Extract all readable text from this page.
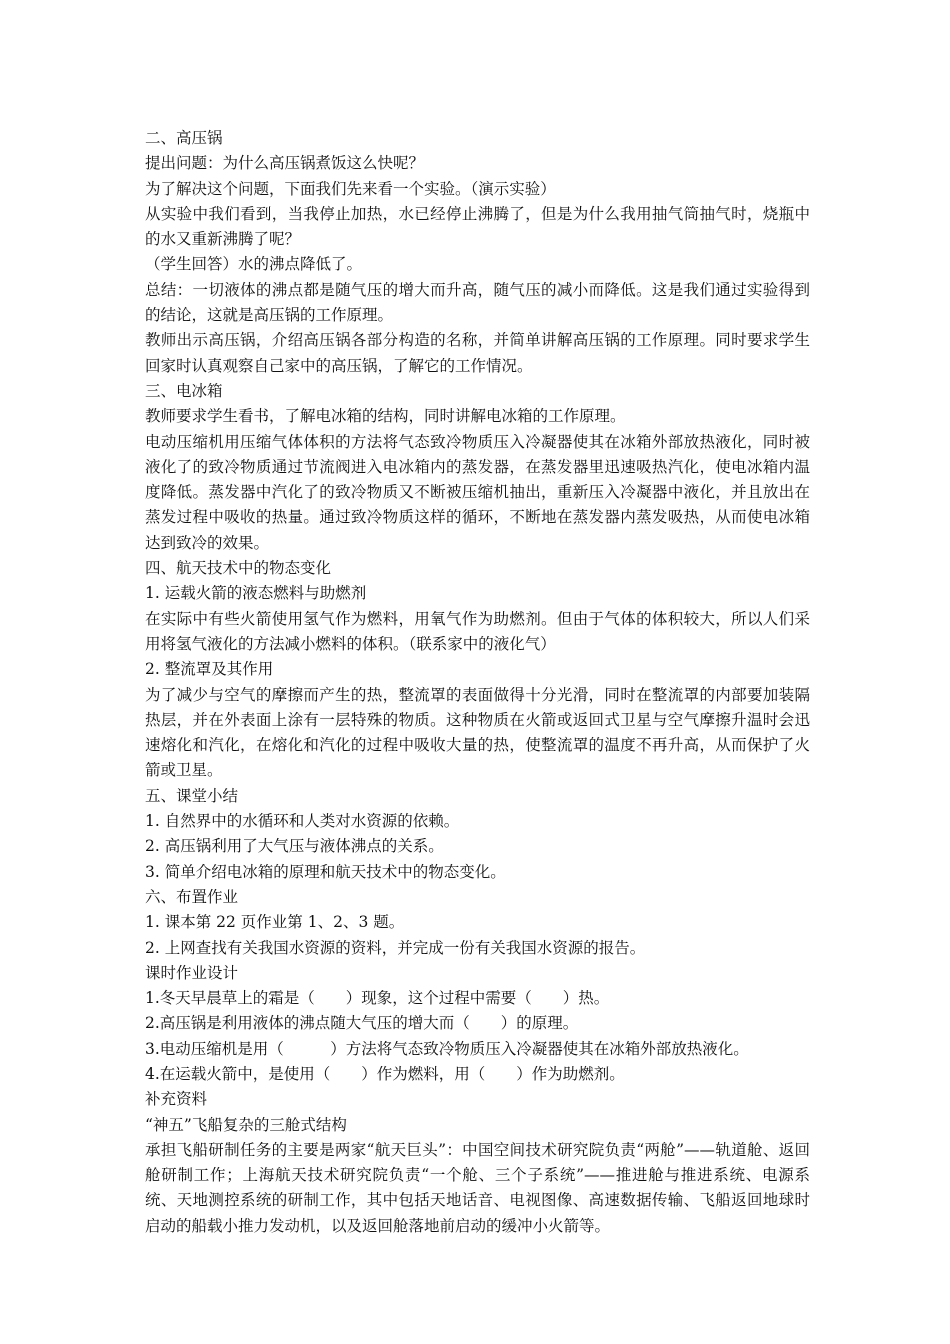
二、高压锅
提出问题：为什么高压锅煮饭这么快呢？
为了解决这个问题，下面我们先来看一个实验。（演示实验）
从实验中我们看到，当我停止加热，水已经停止沸腾了，但是为什么我用抽气筒抽气时，烧瓶中的水又重新沸腾了呢？
（学生回答）水的沸点降低了。
总结：一切液体的沸点都是随气压的增大而升高，随气压的减小而降低。这是我们通过实验得到的结论，这就是高压锅的工作原理。
教师出示高压锅，介绍高压锅各部分构造的名称，并简单讲解高压锅的工作原理。同时要求学生回家时认真观察自己家中的高压锅，了解它的工作情况。
三、电冰箱
教师要求学生看书，了解电冰箱的结构，同时讲解电冰箱的工作原理。
电动压缩机用压缩气体体积的方法将气态致冷物质压入冷凝器使其在冰箱外部放热液化，同时被液化了的致冷物质通过节流阀进入电冰箱内的蒸发器，在蒸发器里迅速吸热汽化，使电冰箱内温度降低。蒸发器中汽化了的致冷物质又不断被压缩机抽出，重新压入冷凝器中液化，并且放出在蒸发过程中吸收的热量。通过致冷物质这样的循环，不断地在蒸发器内蒸发吸热，从而使电冰箱达到致冷的效果。
四、航天技术中的物态变化
1. 运载火箭的液态燃料与助燃剂
在实际中有些火箭使用氢气作为燃料，用氧气作为助燃剂。但由于气体的体积较大，所以人们采用将氢气液化的方法减小燃料的体积。（联系家中的液化气）
2. 整流罩及其作用
为了减少与空气的摩擦而产生的热，整流罩的表面做得十分光滑，同时在整流罩的内部要加装隔热层，并在外表面上涂有一层特殊的物质。这种物质在火箭或返回式卫星与空气摩擦升温时会迅速熔化和汽化，在熔化和汽化的过程中吸收大量的热，使整流罩的温度不再升高，从而保护了火箭或卫星。
五、课堂小结
1. 自然界中的水循环和人类对水资源的依赖。
2. 高压锅利用了大气压与液体沸点的关系。
3. 简单介绍电冰箱的原理和航天技术中的物态变化。
六、布置作业
1. 课本第 22 页作业第 1、2、3 题。
2. 上网查找有关我国水资源的资料，并完成一份有关我国水资源的报告。
课时作业设计
1.冬天早晨草上的霜是（　　）现象，这个过程中需要（　　）热。
2.高压锅是利用液体的沸点随大气压的增大而（　　）的原理。
3.电动压缩机是用（　　　）方法将气态致冷物质压入冷凝器使其在冰箱外部放热液化。
4.在运载火箭中，是使用（　　）作为燃料，用（　　）作为助燃剂。
补充资料
“神五”飞船复杂的三舱式结构
承担飞船研制任务的主要是两家“航天巨头”：中国空间技术研究院负责“两舱”——轨道舱、返回舱研制工作；上海航天技术研究院负责“一个舱、三个子系统”——推进舱与推进系统、电源系统、天地测控系统的研制工作，其中包括天地话音、电视图像、高速数据传输、飞船返回地球时启动的船载小推力发动机，以及返回舱落地前启动的缓冲小火箭等。
